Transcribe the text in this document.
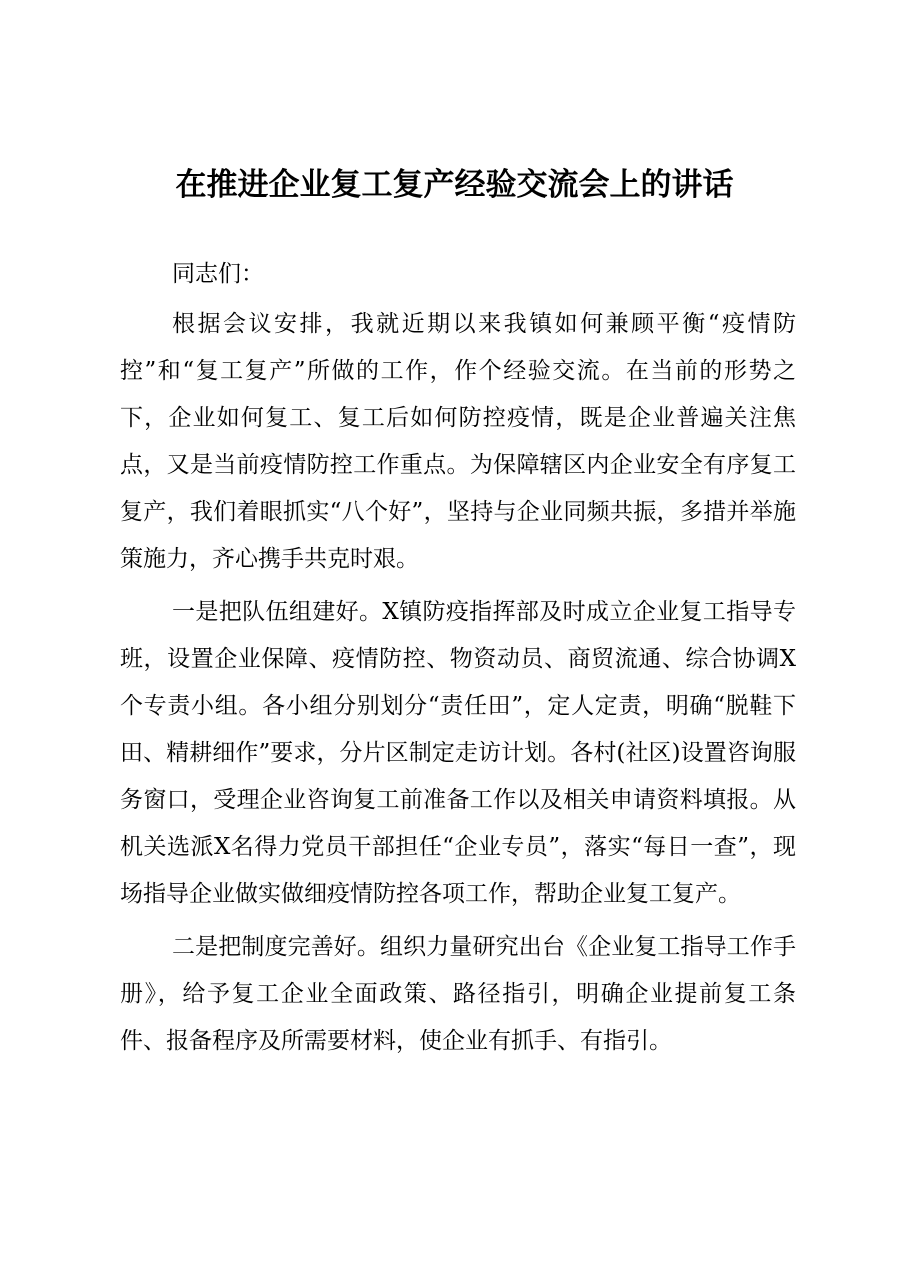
在推进企业复工复产经验交流会上的讲话

同志们：

根据会议安排，我就近期以来我镇如何兼顾平衡“疫情防控”和“复工复产”所做的工作，作个经验交流。在当前的形势之下，企业如何复工、复工后如何防控疫情，既是企业普遍关注焦点，又是当前疫情防控工作重点。为保障辖区内企业安全有序复工复产，我们着眼抓实“八个好”，坚持与企业同频共振，多措并举施策施力，齐心携手共克时艰。

一是把队伍组建好。X镇防疫指挥部及时成立企业复工指导专班，设置企业保障、疫情防控、物资动员、商贸流通、综合协调X个专责小组。各小组分别划分“责任田”，定人定责，明确“脱鞋下田、精耕细作”要求，分片区制定走访计划。各村(社区)设置咨询服务窗口，受理企业咨询复工前准备工作以及相关申请资料填报。从机关选派X名得力党员干部担任“企业专员”，落实“每日一查”，现场指导企业做实做细疫情防控各项工作，帮助企业复工复产。

二是把制度完善好。组织力量研究出台《企业复工指导工作手册》，给予复工企业全面政策、路径指引，明确企业提前复工条件、报备程序及所需要材料，使企业有抓手、有指引。
